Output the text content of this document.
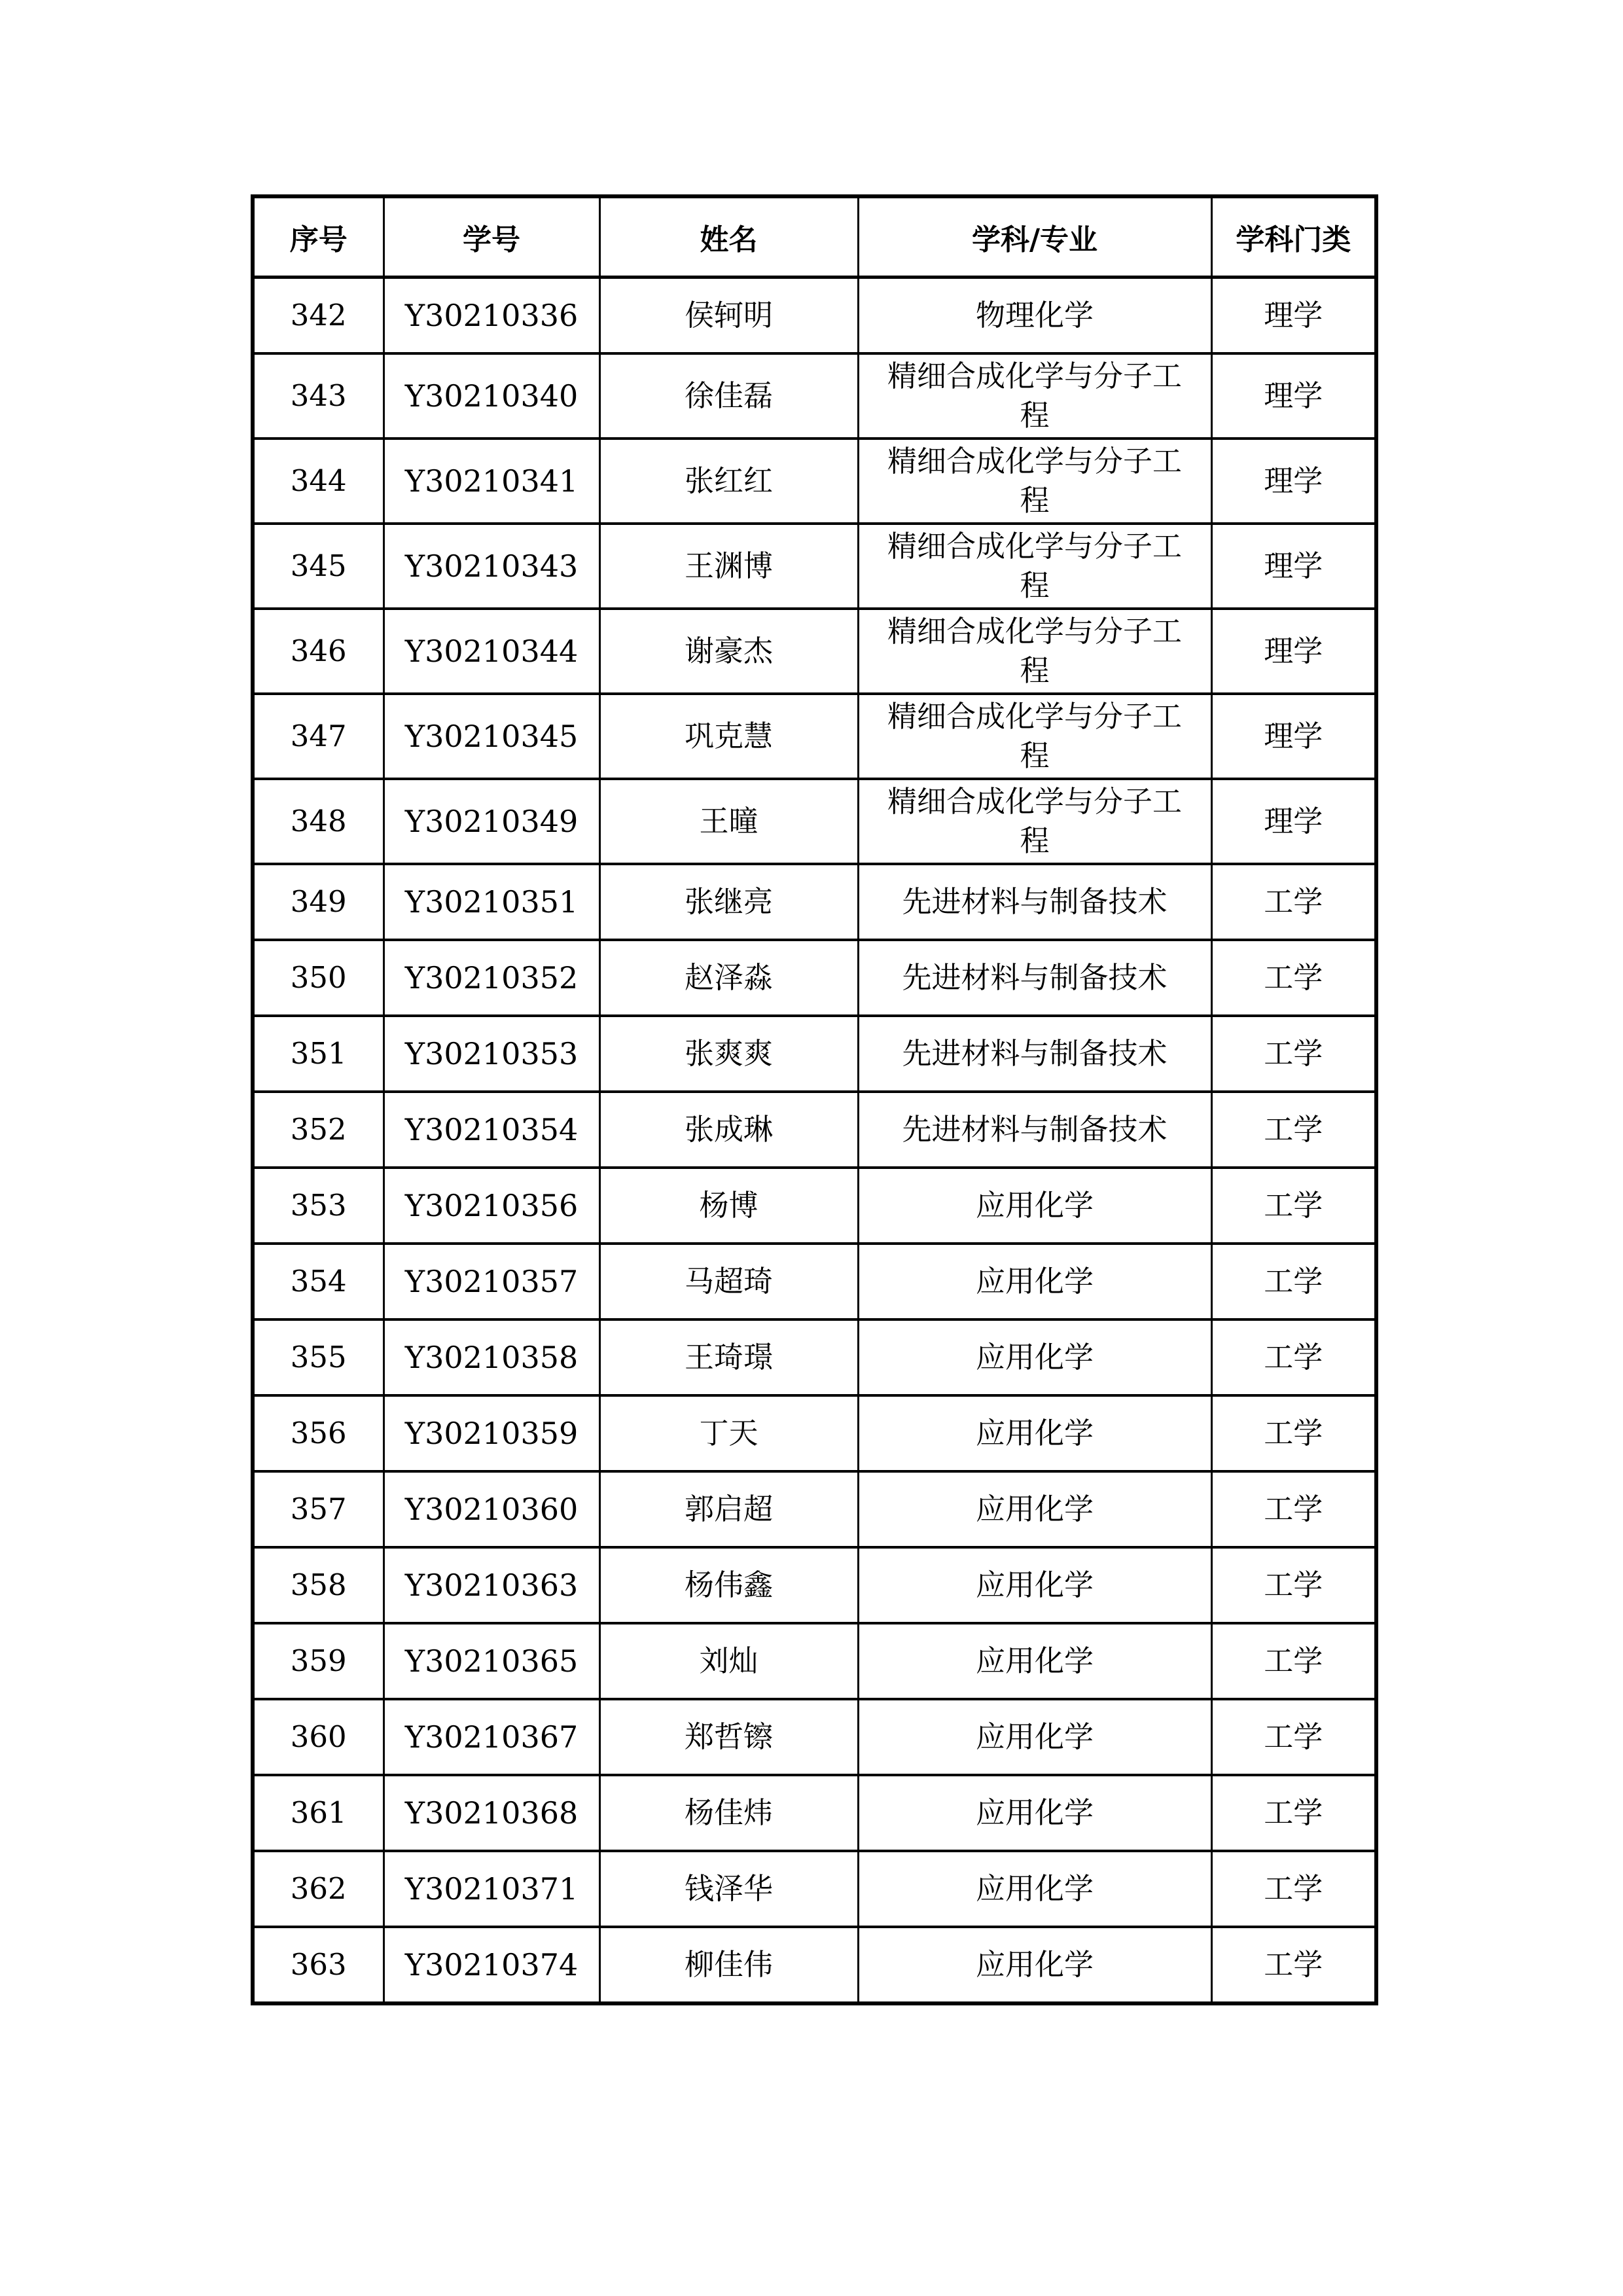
序号	学号	姓名	学科/专业	学科门类
342	Y30210336	侯轲明	物理化学	理学
343	Y30210340	徐佳磊	精细合成化学与分子工程	理学
344	Y30210341	张红红	精细合成化学与分子工程	理学
345	Y30210343	王渊博	精细合成化学与分子工程	理学
346	Y30210344	谢豪杰	精细合成化学与分子工程	理学
347	Y30210345	巩克慧	精细合成化学与分子工程	理学
348	Y30210349	王曈	精细合成化学与分子工程	理学
349	Y30210351	张继亮	先进材料与制备技术	工学
350	Y30210352	赵泽淼	先进材料与制备技术	工学
351	Y30210353	张爽爽	先进材料与制备技术	工学
352	Y30210354	张成琳	先进材料与制备技术	工学
353	Y30210356	杨博	应用化学	工学
354	Y30210357	马超琦	应用化学	工学
355	Y30210358	王琦璟	应用化学	工学
356	Y30210359	丁天	应用化学	工学
357	Y30210360	郭启超	应用化学	工学
358	Y30210363	杨伟鑫	应用化学	工学
359	Y30210365	刘灿	应用化学	工学
360	Y30210367	郑哲镲	应用化学	工学
361	Y30210368	杨佳炜	应用化学	工学
362	Y30210371	钱泽华	应用化学	工学
363	Y30210374	柳佳伟	应用化学	工学
